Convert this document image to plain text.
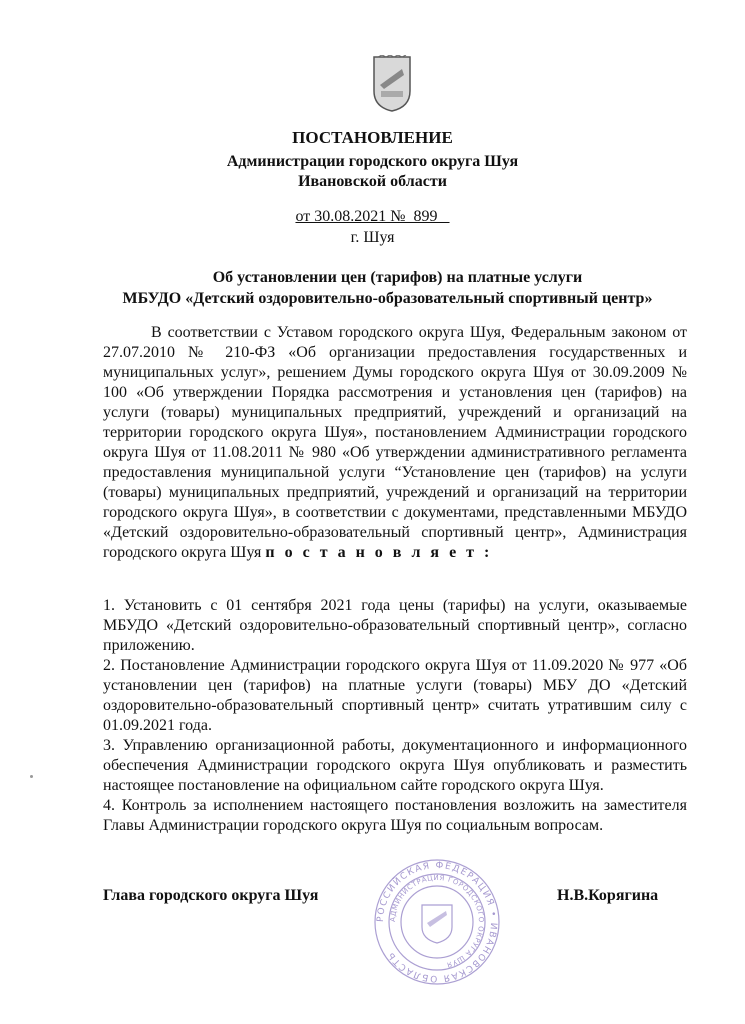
ПОСТАНОВЛЕНИЕ
Администрации городского округа Шуя
Ивановской области
от 30.08.2021 №  899
г. Шуя
Об установлении цен (тарифов) на платные услуги
МБУДО «Детский оздоровительно-образовательный спортивный центр»

В соответствии с Уставом городского округа Шуя, Федеральным законом от 27.07.2010 № 210-ФЗ «Об организации предоставления государственных и муниципальных услуг», решением Думы городского округа Шуя от 30.09.2009 № 100 «Об утверждении Порядка рассмотрения и установления цен (тарифов) на услуги (товары) муниципальных предприятий, учреждений и организаций на территории городского округа Шуя», постановлением Администрации городского округа Шуя от 11.08.2011 № 980 «Об утверждении административного регламента предоставления муниципальной услуги “Установление цен (тарифов) на услуги (товары) муниципальных предприятий, учреждений и организаций на территории городского округа Шуя», в соответствии с документами, представленными МБУДО «Детский оздоровительно-образовательный спортивный центр», Администрация городского округа Шуя п о с т а н о в л я е т :

1. Установить с 01 сентября 2021 года цены (тарифы) на услуги, оказываемые МБУДО «Детский оздоровительно-образовательный спортивный центр», согласно приложению.

2. Постановление Администрации городского округа Шуя от 11.09.2020 № 977 «Об установлении цен (тарифов) на платные услуги (товары) МБУ ДО «Детский оздоровительно-образовательный спортивный центр» считать утратившим силу с 01.09.2021 года.

3. Управлению организационной работы, документационного и информационного обеспечения Администрации городского округа Шуя опубликовать и разместить настоящее постановление на официальном сайте городского округа Шуя.

4. Контроль за исполнением настоящего постановления возложить на заместителя Главы Администрации городского округа Шуя по социальным вопросам.

Глава городского округа Шуя	Н.В.Корягина
РОССИЙСКАЯ ФЕДЕРАЦИЯ • ИВАНОВСКАЯ ОБЛАСТЬ
АДМИНИСТРАЦИЯ ГОРОДСКОГО ОКРУГА ШУЯ
